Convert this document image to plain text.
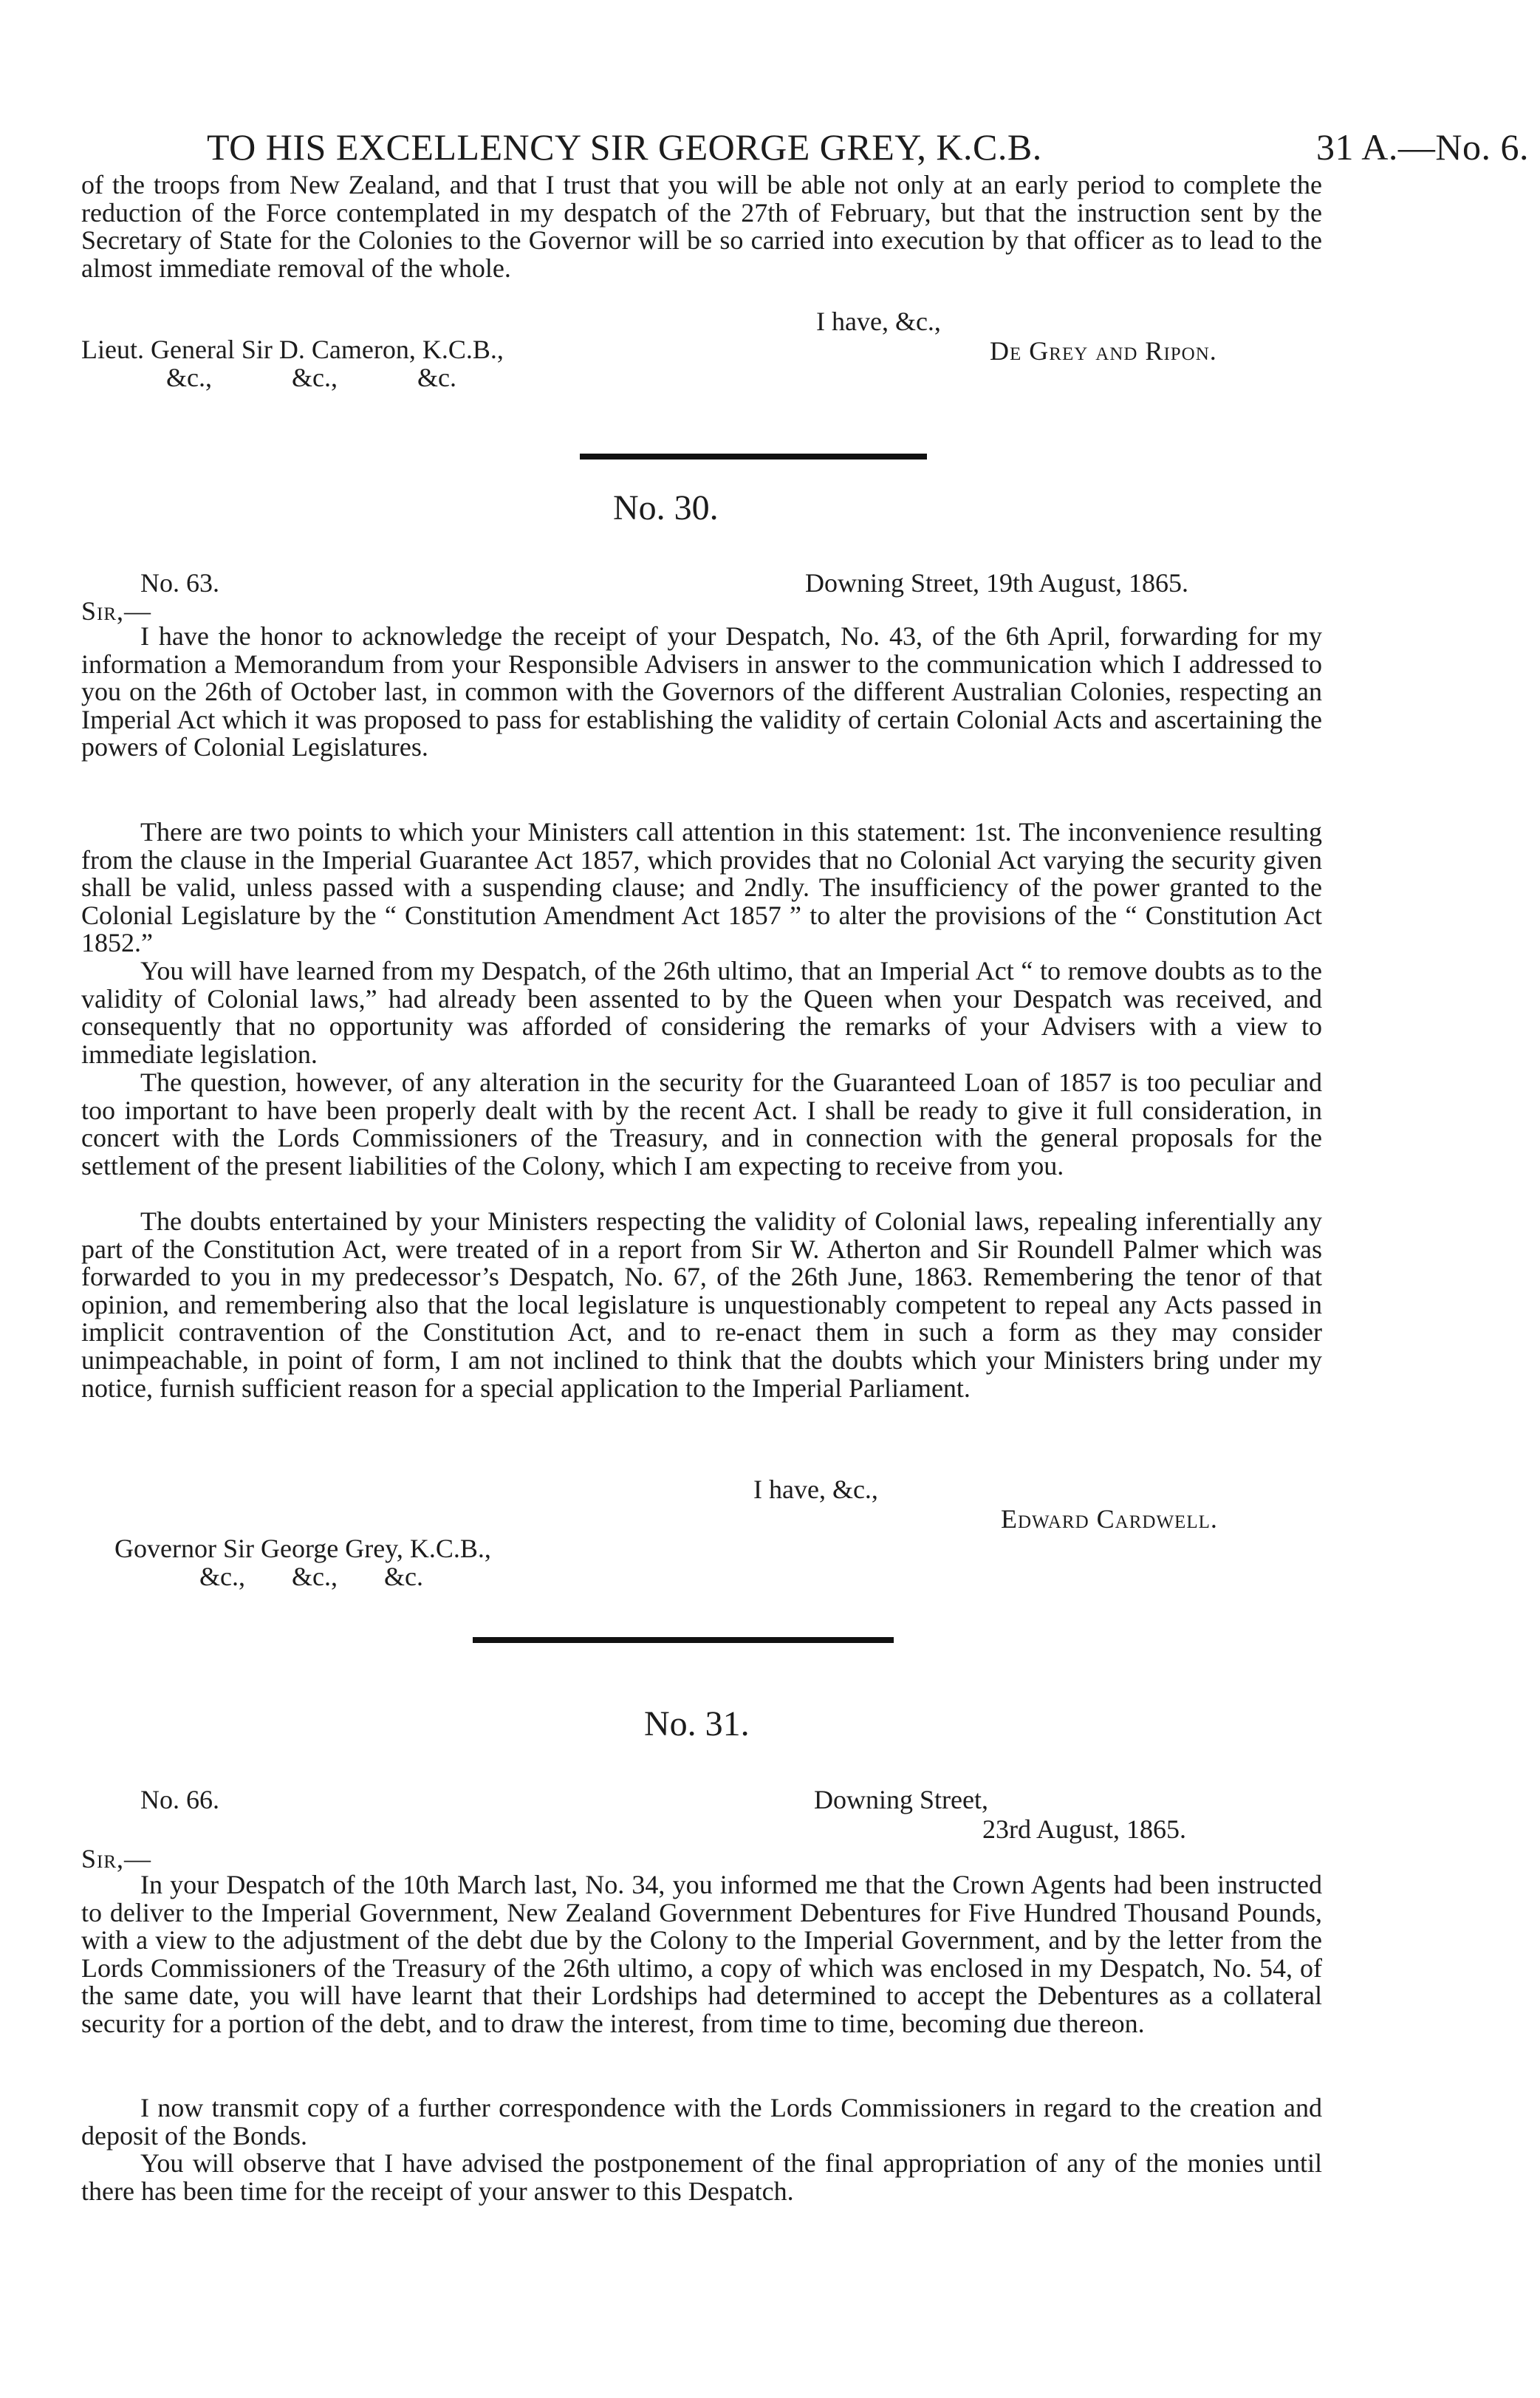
TO HIS EXCELLENCY SIR GEORGE GREY, K.C.B.	31 A.—No. 6.
of the troops from New Zealand, and that I trust that you will be able not only at an early period to complete the reduction of the Force contemplated in my despatch of the 27th of February, but that the instruction sent by the Secretary of State for the Colonies to the Governor will be so carried into execution by that officer as to lead to the almost immediate removal of the whole.
I have, &c.,
Lieut. General Sir D. Cameron, K.C.B.,	De Grey and Ripon.
&c.,            &c.,            &c.
No. 30.
No. 63.	Downing Street, 19th August, 1865.
Sir,—
I have the honor to acknowledge the receipt of your Despatch, No. 43, of the 6th April, forwarding for my information a Memorandum from your Responsible Advisers in answer to the communication which I addressed to you on the 26th of October last, in common with the Governors of the different Australian Colonies, respecting an Imperial Act which it was proposed to pass for establishing the validity of certain Colonial Acts and ascertaining the powers of Colonial Legislatures.
There are two points to which your Ministers call attention in this statement: 1st. The inconvenience resulting from the clause in the Imperial Guarantee Act 1857, which provides that no Colonial Act varying the security given shall be valid, unless passed with a suspending clause; and 2ndly. The insufficiency of the power granted to the Colonial Legislature by the “ Constitution Amendment Act 1857 ” to alter the provisions of the “ Constitution Act 1852.”
You will have learned from my Despatch, of the 26th ultimo, that an Imperial Act “ to remove doubts as to the validity of Colonial laws,” had already been assented to by the Queen when your Despatch was received, and consequently that no opportunity was afforded of considering the remarks of your Advisers with a view to immediate legislation.
The question, however, of any alteration in the security for the Guaranteed Loan of 1857 is too peculiar and too important to have been properly dealt with by the recent Act. I shall be ready to give it full consideration, in concert with the Lords Commissioners of the Treasury, and in connection with the general proposals for the settlement of the present liabilities of the Colony, which I am expecting to receive from you.
The doubts entertained by your Ministers respecting the validity of Colonial laws, repealing inferentially any part of the Constitution Act, were treated of in a report from Sir W. Atherton and Sir Roundell Palmer which was forwarded to you in my predecessor’s Despatch, No. 67, of the 26th June, 1863. Remembering the tenor of that opinion, and remembering also that the local legislature is unquestionably competent to repeal any Acts passed in implicit contravention of the Constitution Act, and to re-enact them in such a form as they may consider unimpeachable, in point of form, I am not inclined to think that the doubts which your Ministers bring under my notice, furnish sufficient reason for a special application to the Imperial Parliament.
I have, &c.,
Edward Cardwell.
Governor Sir George Grey, K.C.B.,
&c.,       &c.,       &c.
No. 31.
No. 66.	Downing Street,
23rd August, 1865.
Sir,—
In your Despatch of the 10th March last, No. 34, you informed me that the Crown Agents had been instructed to deliver to the Imperial Government, New Zealand Government Debentures for Five Hundred Thousand Pounds, with a view to the adjustment of the debt due by the Colony to the Imperial Government, and by the letter from the Lords Commissioners of the Treasury of the 26th ultimo, a copy of which was enclosed in my Despatch, No. 54, of the same date, you will have learnt that their Lordships had determined to accept the Debentures as a collateral security for a portion of the debt, and to draw the interest, from time to time, becoming due thereon.
I now transmit copy of a further correspondence with the Lords Commissioners in regard to the creation and deposit of the Bonds.
You will observe that I have advised the postponement of the final appropriation of any of the monies until there has been time for the receipt of your answer to this Despatch.
